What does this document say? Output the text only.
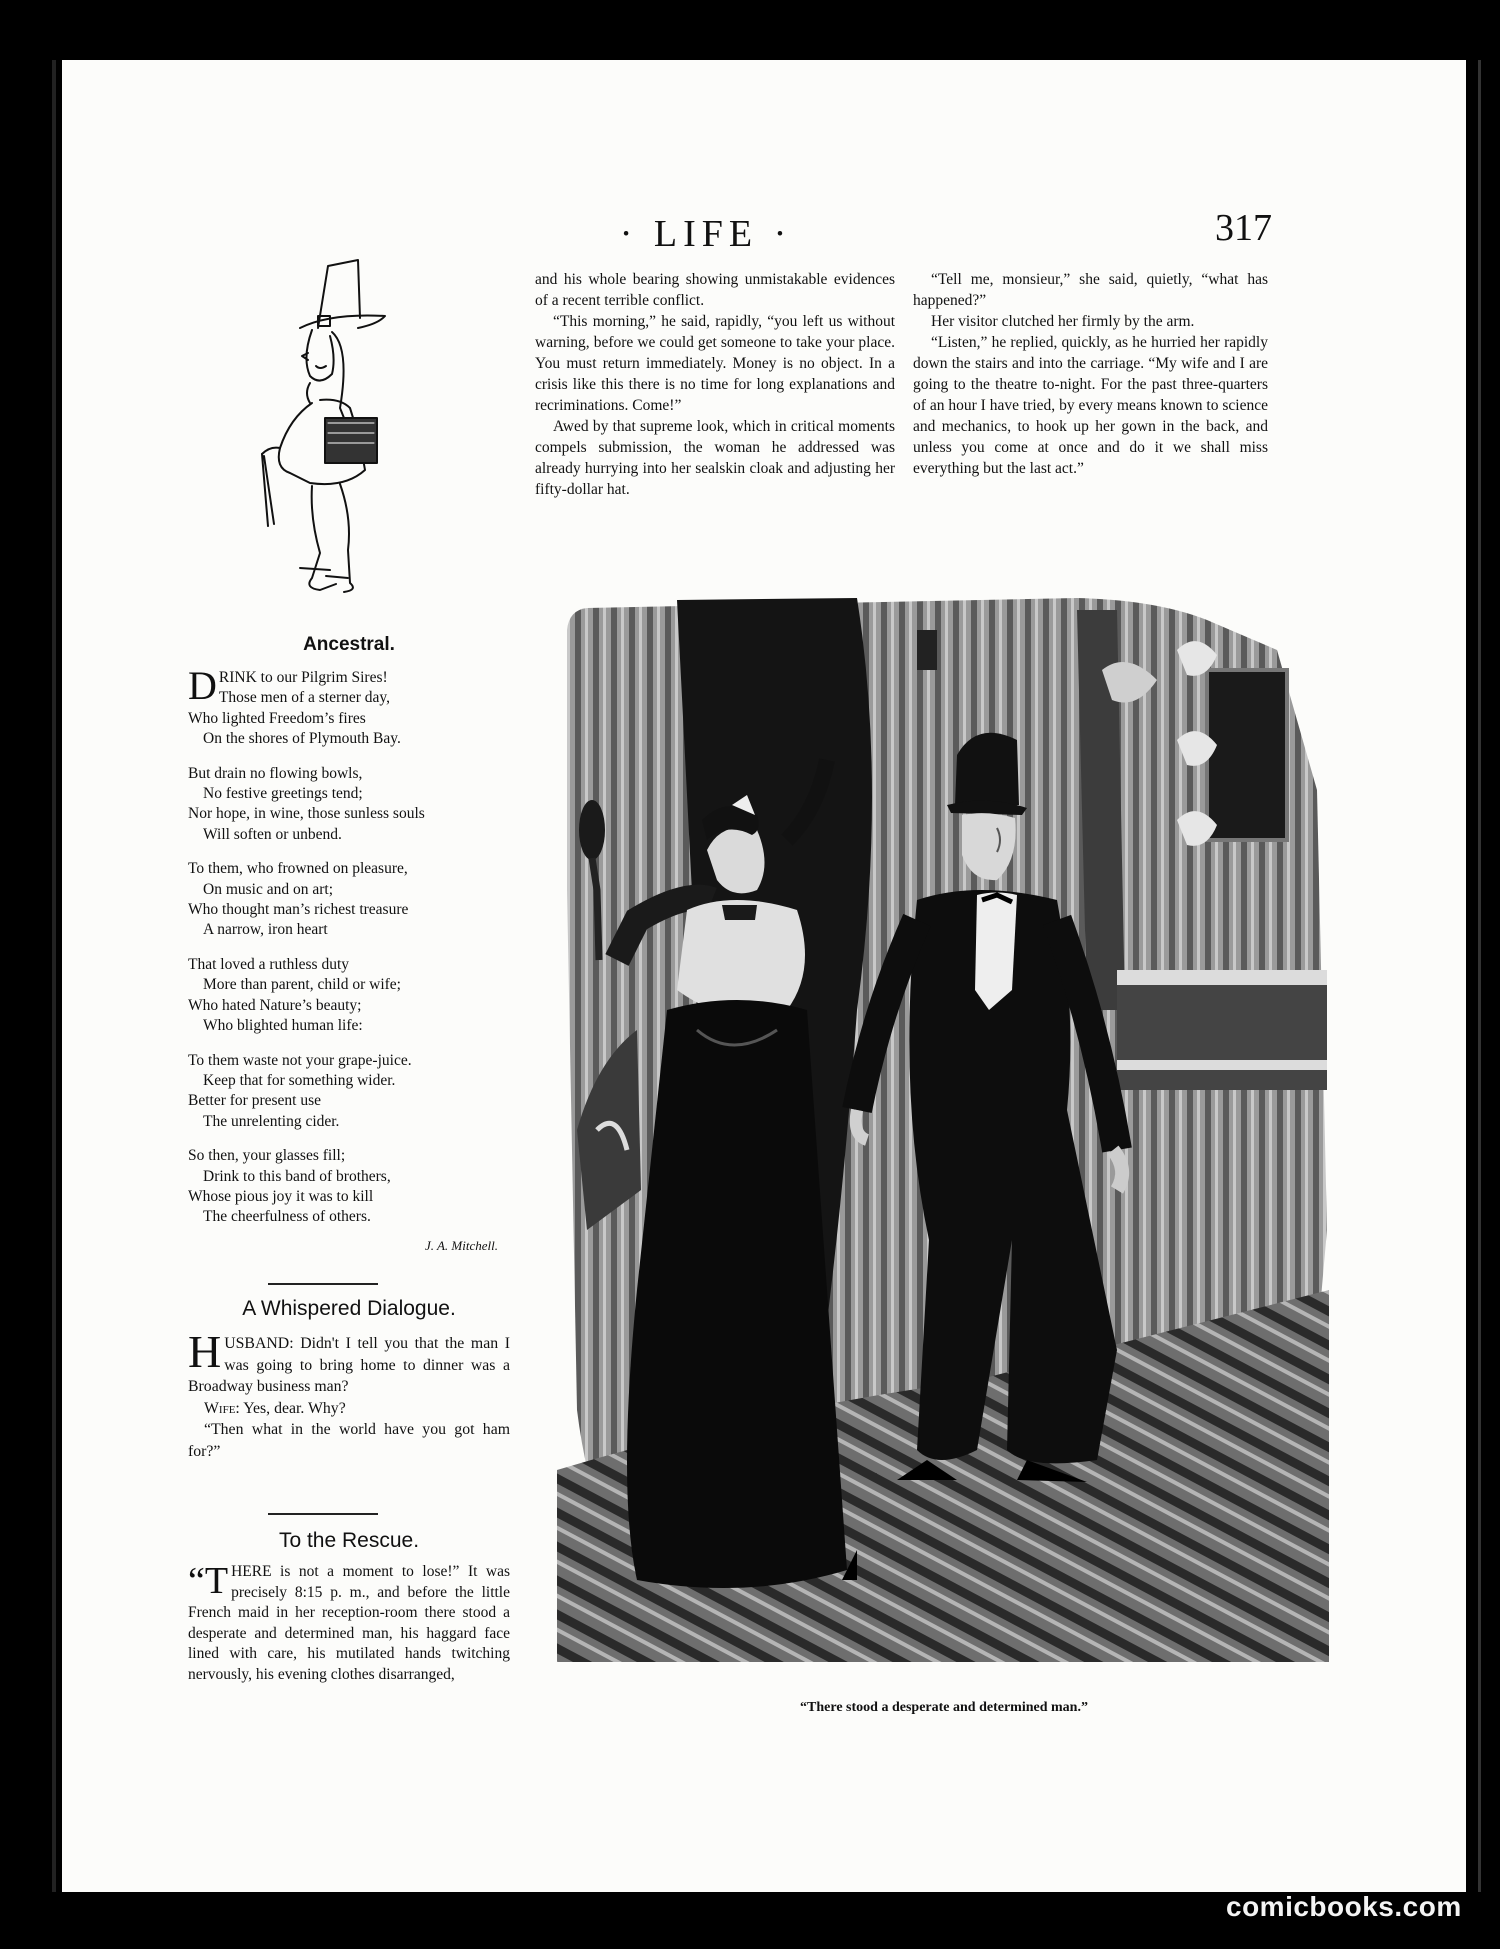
· LIFE ·	317

and his whole bearing showing unmistakable evidences of a recent terrible conflict.

“This morning,” he said, rapidly, “you left us without warning, before we could get someone to take your place. You must return immediately. Money is no object. In a crisis like this there is no time for long explanations and recriminations. Come!”

Awed by that supreme look, which in critical moments compels submission, the woman he addressed was already hurrying into her sealskin cloak and adjusting her fifty-dollar hat.

“Tell me, monsieur,” she said, quietly, “what has happened?”

Her visitor clutched her firmly by the arm.

“Listen,” he replied, quickly, as he hurried her rapidly down the stairs and into the carriage. “My wife and I are going to the theatre to-night. For the past three-quarters of an hour I have tried, by every means known to science and mechanics, to hook up her gown in the back, and unless you come at once and do it we shall miss everything but the last act.”

Ancestral.
D RINK to our Pilgrim Sires!
Those men of a sterner day,
Who lighted Freedom’s fires
On the shores of Plymouth Bay.
But drain no flowing bowls,
No festive greetings tend;
Nor hope, in wine, those sunless souls
Will soften or unbend.
To them, who frowned on pleasure,
On music and on art;
Who thought man’s richest treasure
A narrow, iron heart
That loved a ruthless duty
More than parent, child or wife;
Who hated Nature’s beauty;
Who blighted human life:
To them waste not your grape-juice.
Keep that for something wider.
Better for present use
The unrelenting cider.
So then, your glasses fill;
Drink to this band of brothers,
Whose pious joy it was to kill
The cheerfulness of others.
J. A. Mitchell.
A Whispered Dialogue.

HUSBAND: Didn't I tell you that the man I was going to bring home to dinner was a Broadway business man?

Wife: Yes, dear. Why?

“Then what in the world have you got ham for?”

To the Rescue.

“THERE is not a moment to lose!” It was precisely 8:15 p. m., and before the little French maid in her reception-room there stood a desperate and determined man, his haggard face lined with care, his mutilated hands twitching nervously, his evening clothes disarranged,

“There stood a desperate and determined man.”
comicbooks.com
